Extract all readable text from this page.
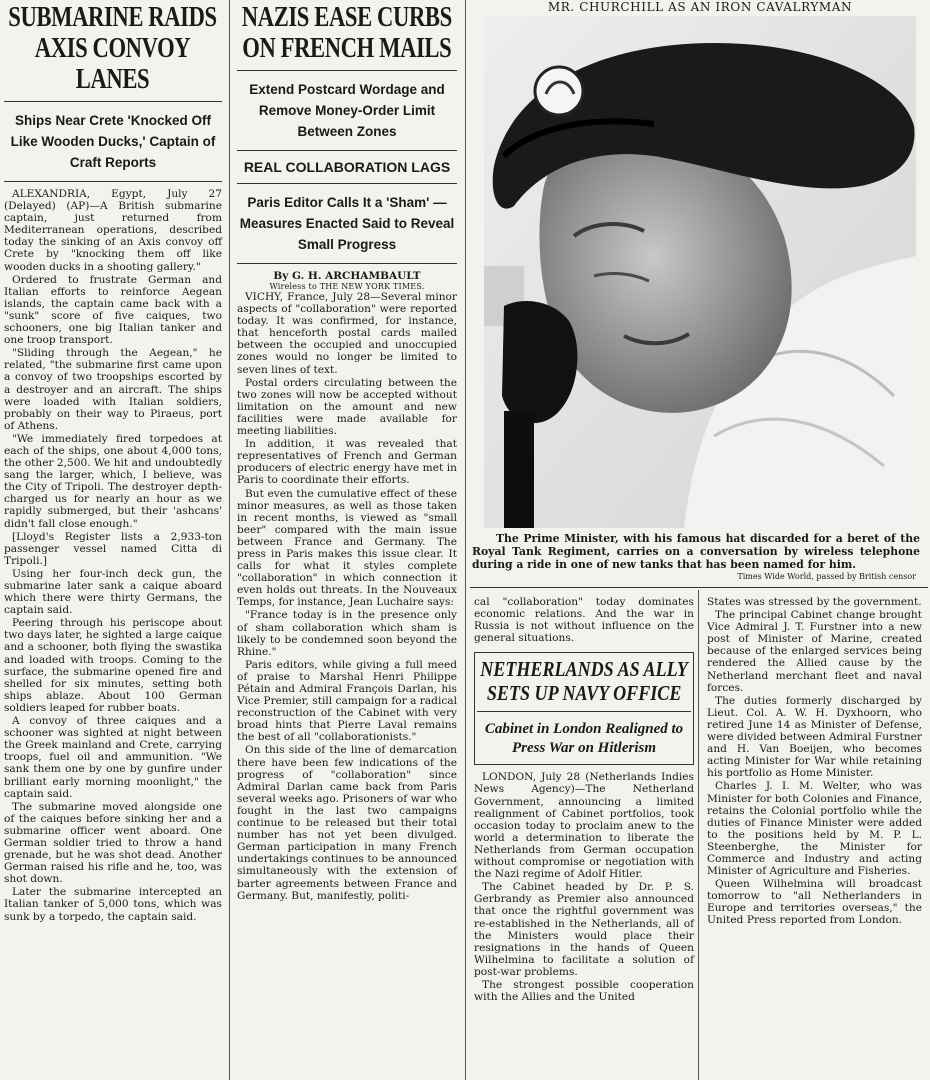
SUBMARINE RAIDS AXIS CONVOY LANES
Ships Near Crete 'Knocked Off Like Wooden Ducks,' Captain of Craft Reports

ALEXANDRIA, Egypt, July 27 (Delayed) (AP)—A British submarine captain, just returned from Mediterranean operations, described today the sinking of an Axis convoy off Crete by "knocking them off like wooden ducks in a shooting gallery."

Ordered to frustrate German and Italian efforts to reinforce Aegean islands, the captain came back with a "sunk" score of five caiques, two schooners, one big Italian tanker and one troop transport.

"Sliding through the Aegean," he related, "the submarine first came upon a convoy of two troopships escorted by a destroyer and an aircraft. The ships were loaded with Italian soldiers, probably on their way to Piraeus, port of Athens.

"We immediately fired torpedoes at each of the ships, one about 4,000 tons, the other 2,500. We hit and undoubtedly sang the larger, which, I believe, was the City of Tripoli. The destroyer depth-charged us for nearly an hour as we rapidly submerged, but their 'ashcans' didn't fall close enough."

[Lloyd's Register lists a 2,933-ton passenger vessel named Citta di Tripoli.]

Using her four-inch deck gun, the submarine later sank a caique aboard which there were thirty Germans, the captain said.

Peering through his periscope about two days later, he sighted a large caique and a schooner, both flying the swastika and loaded with troops. Coming to the surface, the submarine opened fire and shelled for six minutes, setting both ships ablaze. About 100 German soldiers leaped for rubber boats.

A convoy of three caiques and a schooner was sighted at night between the Greek mainland and Crete, carrying troops, fuel oil and ammunition. "We sank them one by one by gunfire under brilliant early morning moonlight," the captain said.

The submarine moved alongside one of the caiques before sinking her and a submarine officer went aboard. One German soldier tried to throw a hand grenade, but he was shot dead. Another German raised his rifle and he, too, was shot down.

Later the submarine intercepted an Italian tanker of 5,000 tons, which was sunk by a torpedo, the captain said.

NAZIS EASE CURBS ON FRENCH MAILS
Extend Postcard Wordage and Remove Money-Order Limit Between Zones
REAL COLLABORATION LAGS
Paris Editor Calls It a 'Sham' —Measures Enacted Said to Reveal Small Progress
By G. H. ARCHAMBAULT
Wireless to THE NEW YORK TIMES.

VICHY, France, July 28—Several minor aspects of "collaboration" were reported today. It was confirmed, for instance, that henceforth postal cards mailed between the occupied and unoccupied zones would no longer be limited to seven lines of text.

Postal orders circulating between the two zones will now be accepted without limitation on the amount and new facilities were made available for meeting liabilities.

In addition, it was revealed that representatives of French and German producers of electric energy have met in Paris to coordinate their efforts.

But even the cumulative effect of these minor measures, as well as those taken in recent months, is viewed as "small beer" compared with the main issue between France and Germany. The press in Paris makes this issue clear. It calls for what it styles complete "collaboration" in which connection it even holds out threats. In the Nouveaux Temps, for instance, Jean Luchaire says:

"France today is in the presence only of sham collaboration which sham is likely to be condemned soon beyond the Rhine."

Paris editors, while giving a full meed of praise to Marshal Henri Philippe Pétain and Admiral François Darlan, his Vice Premier, still campaign for a radical reconstruction of the Cabinet with very broad hints that Pierre Laval remains the best of all "collaborationists."

On this side of the line of demarcation there have been few indications of the progress of "collaboration" since Admiral Darlan came back from Paris several weeks ago. Prisoners of war who fought in the last two campaigns continue to be released but their total number has not yet been divulged. German participation in many French undertakings continues to be announced simultaneously with the extension of barter agreements between France and Germany. But, manifestly, politi-

MR. CHURCHILL AS AN IRON CAVALRYMAN
The Prime Minister, with his famous hat discarded for a beret of the Royal Tank Regiment, carries on a conversation by wireless telephone during a ride in one of new tanks that has been named for him.
Times Wide World, passed by British censor

cal "collaboration" today dominates economic relations. And the war in Russia is not without influence on the general situations.

NETHERLANDS AS ALLY SETS UP NAVY OFFICE
Cabinet in London Realigned to Press War on Hitlerism

LONDON, July 28 (Netherlands Indies News Agency)—The Netherland Government, announcing a limited realignment of Cabinet portfolios, took occasion today to proclaim anew to the world a determination to liberate the Netherlands from German occupation without compromise or negotiation with the Nazi regime of Adolf Hitler.

The Cabinet headed by Dr. P. S. Gerbrandy as Premier also announced that once the rightful government was re-established in the Netherlands, all of the Ministers would place their resignations in the hands of Queen Wilhelmina to facilitate a solution of post-war problems.

The strongest possible cooperation with the Allies and the United

States was stressed by the government.

The principal Cabinet change brought Vice Admiral J. T. Furstner into a new post of Minister of Marine, created because of the enlarged services being rendered the Allied cause by the Netherland merchant fleet and naval forces.

The duties formerly discharged by Lieut. Col. A. W. H. Dyxhoorn, who retired June 14 as Minister of Defense, were divided between Admiral Furstner and H. Van Boeijen, who becomes acting Minister for War while retaining his portfolio as Home Minister.

Charles J. I. M. Welter, who was Minister for both Colonies and Finance, retains the Colonial portfolio while the duties of Finance Minister were added to the positions held by M. P. L. Steenberghe, the Minister for Commerce and Industry and acting Minister of Agriculture and Fisheries.

Queen Wilhelmina will broadcast tomorrow to "all Netherlanders in Europe and territories overseas," the United Press reported from London.
